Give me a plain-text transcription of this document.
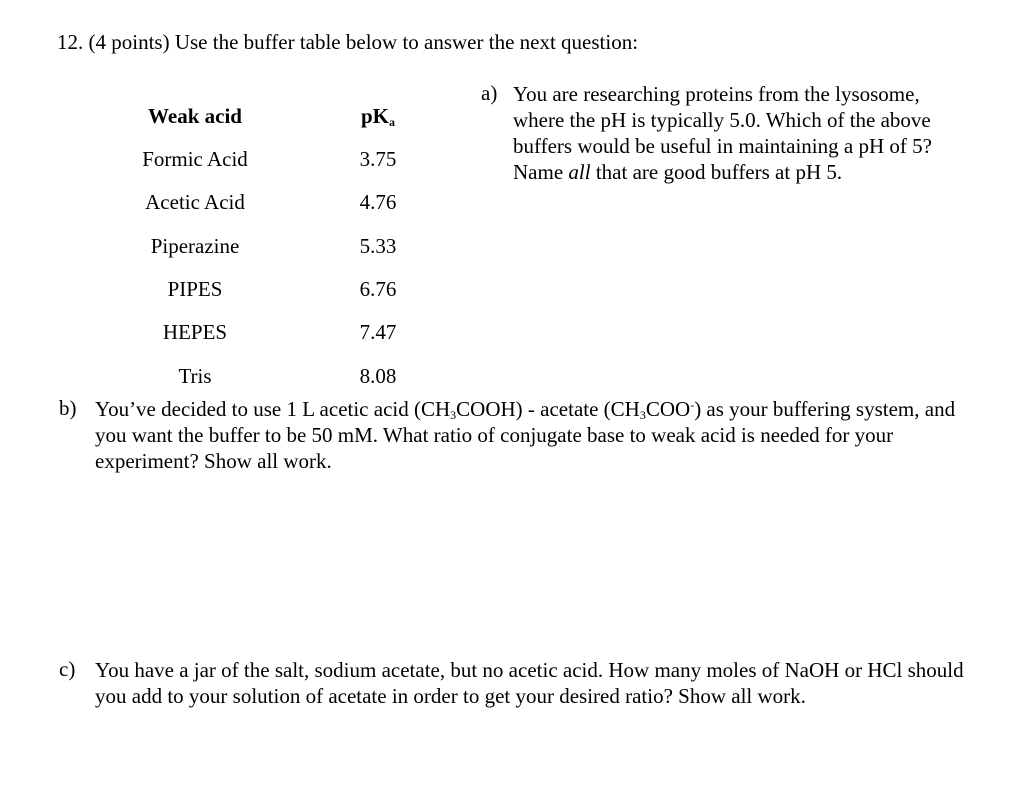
12. (4 points) Use the buffer table below to answer the next question:
Weak acid	$pK_a$
Formic Acid	3.75
Acetic Acid	4.76
Piperazine	5.33
PIPES	6.76
HEPES	7.47
Tris	8.08
a) You are researching proteins from the lysosome, where the pH is typically 5.0. Which of the above buffers would be useful in maintaining a pH of 5? Name all that are good buffers at pH 5.
b) You’ve decided to use 1 L acetic acid $(CH_3COOH)$ - acetate $(CH_3COO^-)$ as your buffering system, and you want the buffer to be 50 mM. What ratio of conjugate base to weak acid is needed for your experiment? Show all work.
c) You have a jar of the salt, sodium acetate, but no acetic acid. How many moles of NaOH or HCl should you add to your solution of acetate in order to get your desired ratio? Show all work.
